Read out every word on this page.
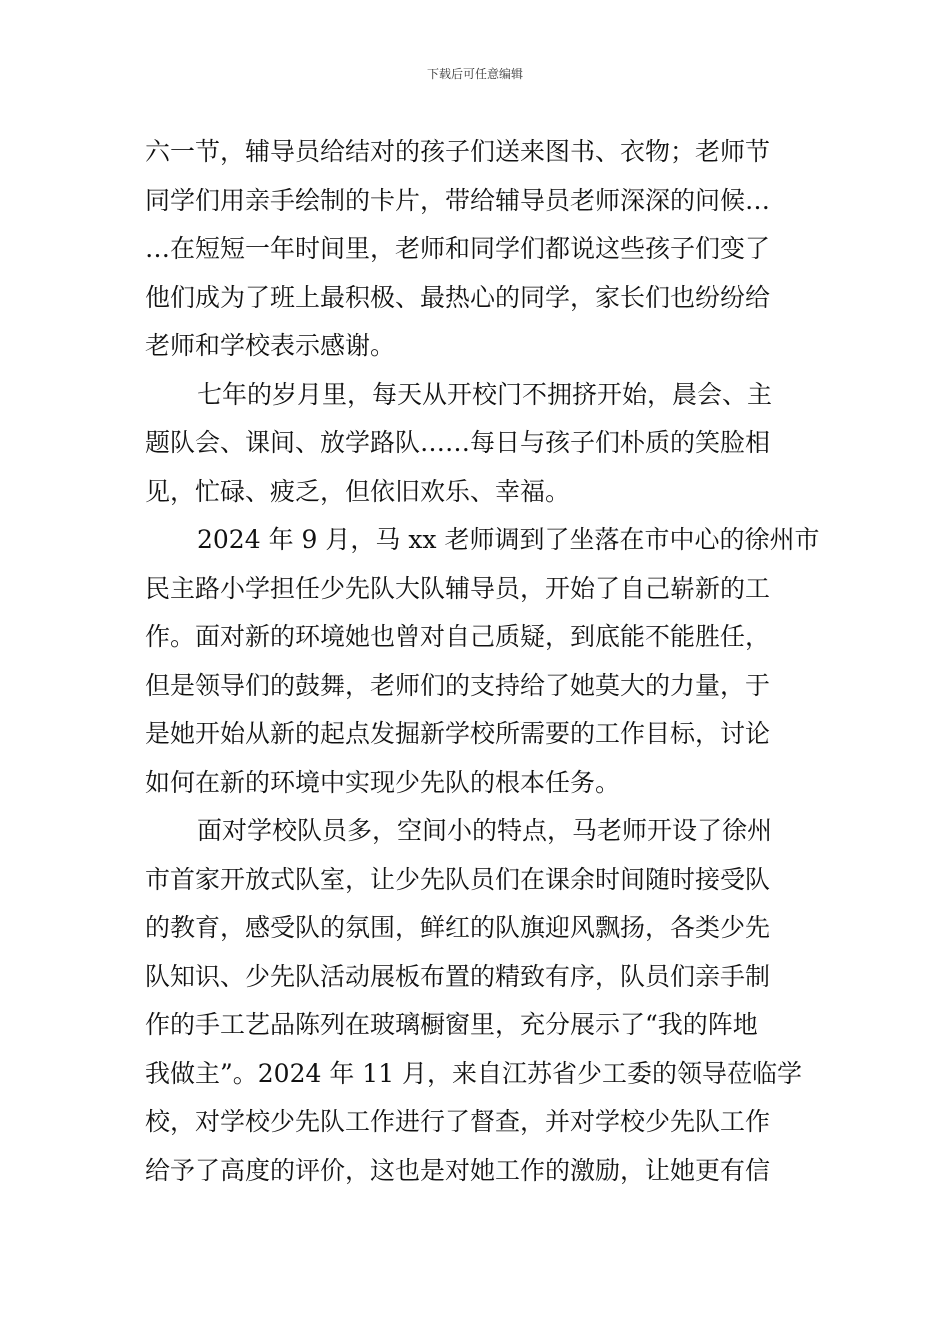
下载后可任意编辑
六一节，辅导员给结对的孩子们送来图书、衣物；老师节
同学们用亲手绘制的卡片，带给辅导员老师深深的问候…
…在短短一年时间里，老师和同学们都说这些孩子们变了
他们成为了班上最积极、最热心的同学，家长们也纷纷给
老师和学校表示感谢。
七年的岁月里，每天从开校门不拥挤开始，晨会、主
题队会、课间、放学路队……每日与孩子们朴质的笑脸相
见，忙碌、疲乏，但依旧欢乐、幸福。
2024 年 9 月，马 xx 老师调到了坐落在市中心的徐州市
民主路小学担任少先队大队辅导员，开始了自己崭新的工
作。面对新的环境她也曾对自己质疑，到底能不能胜任，
但是领导们的鼓舞，老师们的支持给了她莫大的力量，于
是她开始从新的起点发掘新学校所需要的工作目标，讨论
如何在新的环境中实现少先队的根本任务。
面对学校队员多，空间小的特点，马老师开设了徐州
市首家开放式队室，让少先队员们在课余时间随时接受队
的教育，感受队的氛围，鲜红的队旗迎风飘扬，各类少先
队知识、少先队活动展板布置的精致有序，队员们亲手制
作的手工艺品陈列在玻璃橱窗里，充分展示了“我的阵地
我做主”。2024 年 11 月，来自江苏省少工委的领导莅临学
校，对学校少先队工作进行了督查，并对学校少先队工作
给予了高度的评价，这也是对她工作的激励，让她更有信
